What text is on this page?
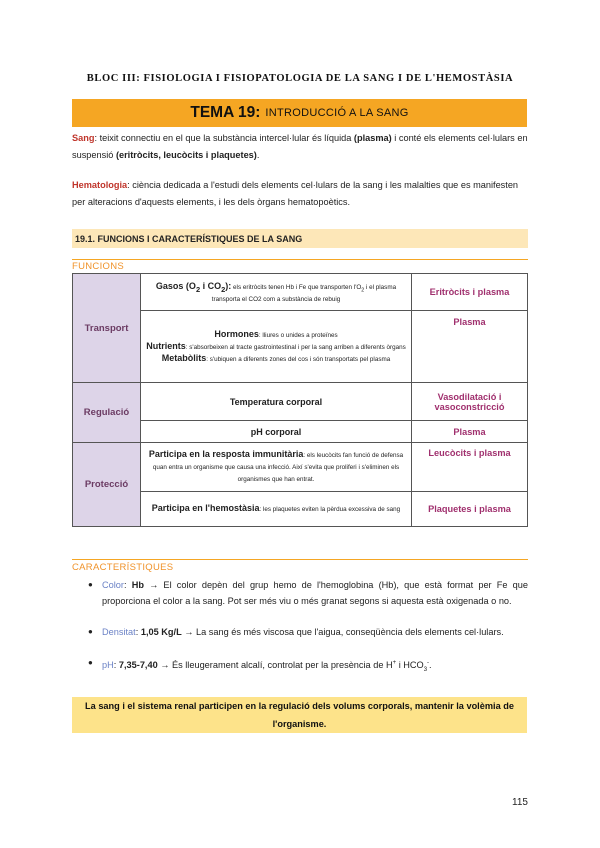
BLOC III: FISIOLOGIA I FISIOPATOLOGIA DE LA SANG I DE L'HEMOSTÀSIA
TEMA 19: INTRODUCCIÓ A LA SANG
Sang: teixit connectiu en el que la substància intercel·lular és líquida (plasma) i conté els elements cel·lulars en suspensió (eritròcits, leucòcits i plaquetes).
Hematologia: ciència dedicada a l'estudi dels elements cel·lulars de la sang i les malalties que es manifesten per alteracions d'aquests elements, i les dels òrgans hematopoètics.
19.1. FUNCIONS I CARACTERÍSTIQUES DE LA SANG
FUNCIONS
Transport	Gasos ($O_2$ i $CO_2$): els eritròcits tenen Hb i Fe que transporten $l'O_2$ i el plasma transporta el CO2 com a substància de rebuig	Eritròcits i plasma

	Hormones: lliures o unides a proteïnes
Nutrients: s'absorbeixen al tracte gastrointestinal i per la sang arriben a diferents òrgans
Metabòlits: s'ubiquen a diferents zones del cos i són transportats pel plasma	Plasma
Regulació	Temperatura corporal	Vasodilatació i vasoconstricció
	pH corporal	Plasma
Protecció	Participa en la resposta immunitària: els leucòcits fan funció de defensa quan entra un organisme que causa una infecció. Així s'evita que proliferi i s'eliminen els organismes que han entrat.	Leucòcits i plasma
	Participa en l'hemostàsia: les plaquetes eviten la pèrdua excessiva de sang	Plaquetes i plasma
CARACTERÍSTIQUES
● Color: Hb → El color depèn del grup hemo de l'hemoglobina (Hb), que està format per Fe que proporciona el color a la sang. Pot ser més viu o més granat segons si aquesta està oxigenada o no.
● Densitat: 1,05 Kg/L → La sang és més viscosa que l'aigua, conseqüència dels elements cel·lulars.
● pH: 7,35-7,40 → És lleugerament alcalí, controlat per la presència de H+ i $HCO_3^-$.
La sang i el sistema renal participen en la regulació dels volums corporals, mantenir la volèmia de l'organisme.
115
